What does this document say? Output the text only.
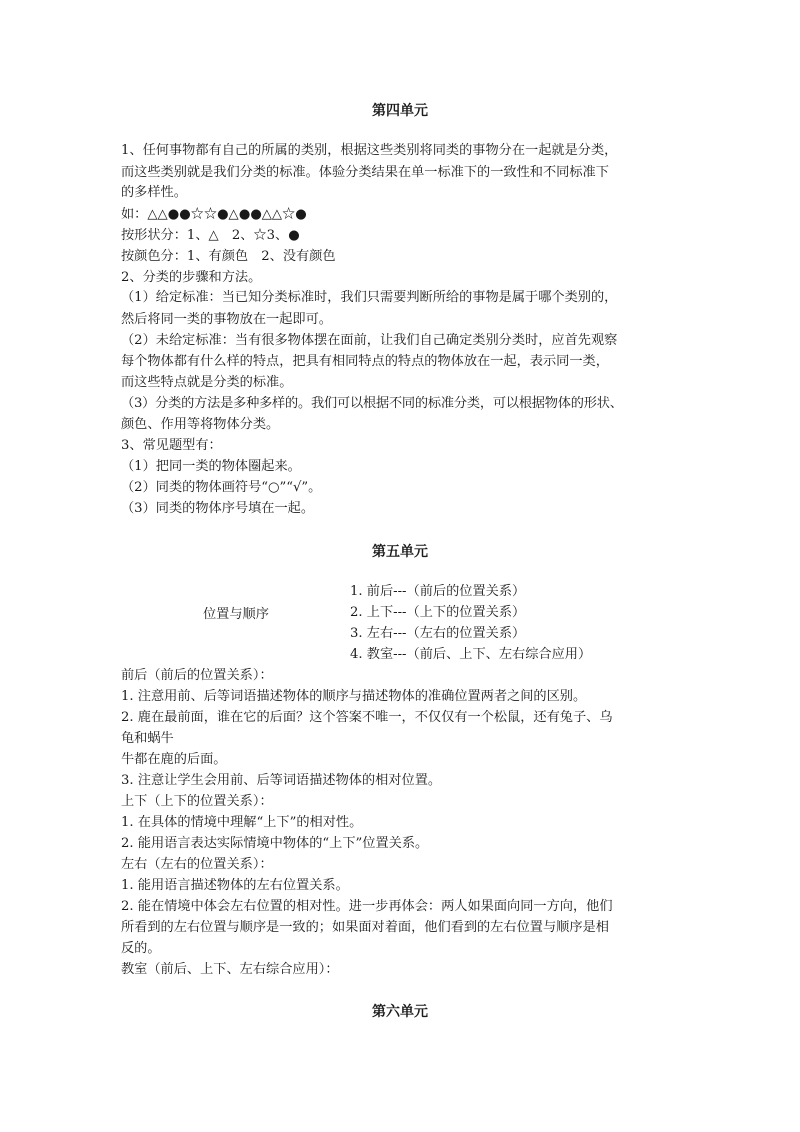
第四单元
1、任何事物都有自己的所属的类别，根据这些类别将同类的事物分在一起就是分类，
而这些类别就是我们分类的标准。体验分类结果在单一标准下的一致性和不同标准下
的多样性。
如：△△●●☆☆●△●●△△☆●
按形状分：1、△　2、☆3、●
按颜色分：1、有颜色　2、没有颜色
2、分类的步骤和方法。
（1）给定标准：当已知分类标准时，我们只需要判断所给的事物是属于哪个类别的，
然后将同一类的事物放在一起即可。
（2）未给定标准：当有很多物体摆在面前，让我们自己确定类别分类时，应首先观察
每个物体都有什么样的特点，把具有相同特点的特点的物体放在一起，表示同一类，
而这些特点就是分类的标准。
（3）分类的方法是多种多样的。我们可以根据不同的标准分类，可以根据物体的形状、
颜色、作用等将物体分类。
3、常见题型有：
（1）把同一类的物体圈起来。
（2）同类的物体画符号“○”“√”。
（3）同类的物体序号填在一起。
第五单元
位置与顺序
1. 前后---（前后的位置关系）
2. 上下---（上下的位置关系）
3. 左右---（左右的位置关系）
4. 教室---（前后、上下、左右综合应用）
前后（前后的位置关系）：
1. 注意用前、后等词语描述物体的顺序与描述物体的准确位置两者之间的区别。
2. 鹿在最前面，谁在它的后面？这个答案不唯一，不仅仅有一个松鼠，还有兔子、乌
龟和蜗牛
牛都在鹿的后面。
3. 注意让学生会用前、后等词语描述物体的相对位置。
上下（上下的位置关系）：
1. 在具体的情境中理解“上下”的相对性。
2. 能用语言表达实际情境中物体的“上下”位置关系。
左右（左右的位置关系）：
1. 能用语言描述物体的左右位置关系。
2. 能在情境中体会左右位置的相对性。进一步再体会：两人如果面向同一方向，他们
所看到的左右位置与顺序是一致的；如果面对着面，他们看到的左右位置与顺序是相
反的。
教室（前后、上下、左右综合应用）：
第六单元
